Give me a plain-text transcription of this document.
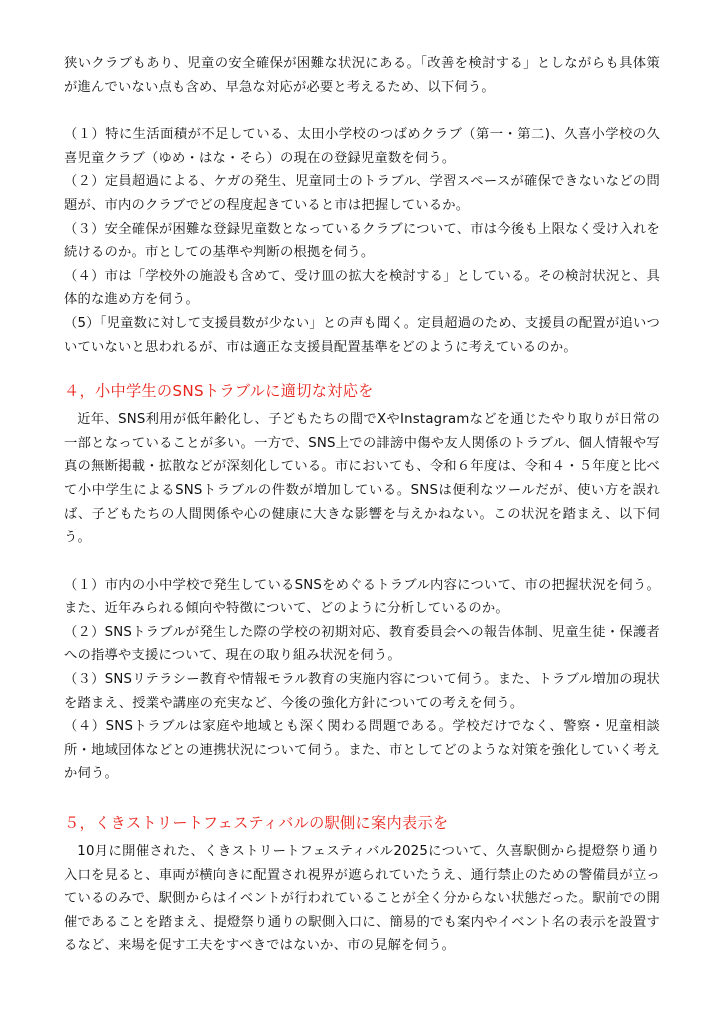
狭いクラブもあり、児童の安全確保が困難な状況にある。「改善を検討する」としながらも具体策が進んでいない点も含め、早急な対応が必要と考えるため、以下伺う。

（１）特に生活面積が不足している、太田小学校のつばめクラブ（第一・第二)、久喜小学校の久喜児童クラブ（ゆめ・はな・そら）の現在の登録児童数を伺う。

（２）定員超過による、ケガの発生、児童同士のトラブル、学習スペースが確保できないなどの問題が、市内のクラブでどの程度起きていると市は把握しているか。

（３）安全確保が困難な登録児童数となっているクラブについて、市は今後も上限なく受け入れを続けるのか。市としての基準や判断の根拠を伺う。

（４）市は「学校外の施設も含めて、受け皿の拡大を検討する」としている。その検討状況と、具体的な進め方を伺う。

（5）「児童数に対して支援員数が少ない」との声も聞く。定員超過のため、支援員の配置が追いついていないと思われるが、市は適正な支援員配置基準をどのように考えているのか。

４，小中学生のSNSトラブルに適切な対応を

近年、SNS利用が低年齢化し、子どもたちの間でXやInstagramなどを通じたやり取りが日常の一部となっていることが多い。一方で、SNS上での誹謗中傷や友人関係のトラブル、個人情報や写真の無断掲載・拡散などが深刻化している。市においても、令和６年度は、令和４・５年度と比べて小中学生によるSNSトラブルの件数が増加している。SNSは便利なツールだが、使い方を誤れば、子どもたちの人間関係や心の健康に大きな影響を与えかねない。この状況を踏まえ、以下伺う。

（１）市内の小中学校で発生しているSNSをめぐるトラブル内容について、市の把握状況を伺う。また、近年みられる傾向や特徴について、どのように分析しているのか。

（２）SNSトラブルが発生した際の学校の初期対応、教育委員会への報告体制、児童生徒・保護者への指導や支援について、現在の取り組み状況を伺う。

（３）SNSリテラシー教育や情報モラル教育の実施内容について伺う。また、トラブル増加の現状を踏まえ、授業や講座の充実など、今後の強化方針についての考えを伺う。

（４）SNSトラブルは家庭や地域とも深く関わる問題である。学校だけでなく、警察・児童相談所・地域団体などとの連携状況について伺う。また、市としてどのような対策を強化していく考えか伺う。

５，くきストリートフェスティバルの駅側に案内表示を

10月に開催された、くきストリートフェスティバル2025について、久喜駅側から提燈祭り通り入口を見ると、車両が横向きに配置され視界が遮られていたうえ、通行禁止のための警備員が立っているのみで、駅側からはイベントが行われていることが全く分からない状態だった。駅前での開催であることを踏まえ、提燈祭り通りの駅側入口に、簡易的でも案内やイベント名の表示を設置するなど、来場を促す工夫をすべきではないか、市の見解を伺う。
